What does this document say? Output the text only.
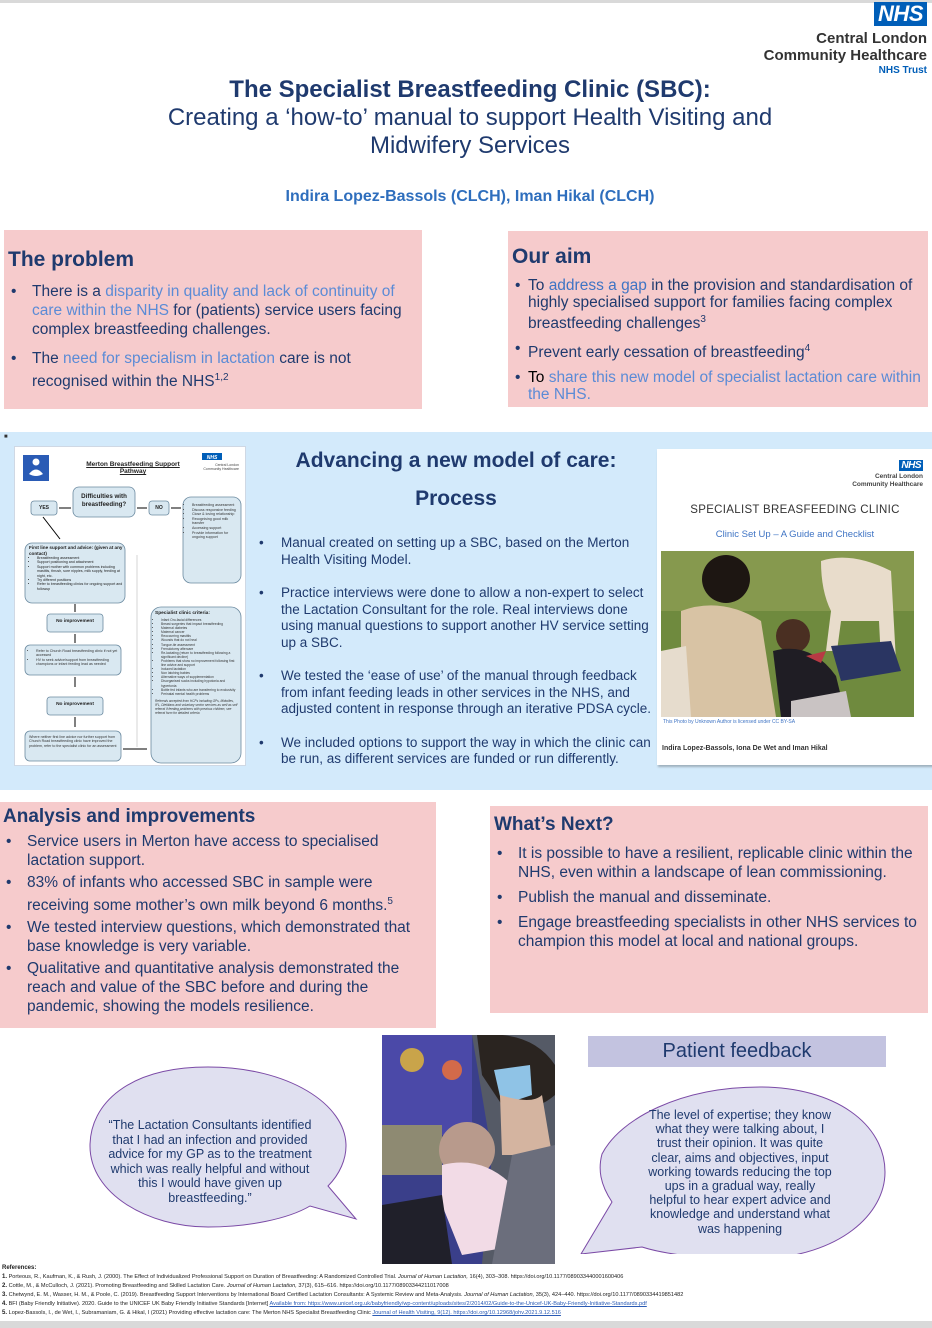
NHS
Central London
Community Healthcare
NHS Trust
The Specialist Breastfeeding Clinic (SBC):
Creating a ‘how-to’ manual to support Health Visiting and
Midwifery Services
Indira Lopez-Bassols (CLCH), Iman Hikal (CLCH)
The problem
• There is a disparity in quality and lack of continuity of care within the NHS for (patients) service users facing complex breastfeeding challenges.
• The need for specialism in lactation care is not recognised within the NHS$^{1,2}$
Our aim
• To address a gap in the provision and standardisation of highly specialised support for families facing complex breastfeeding challenges$^3$
• Prevent early cessation of breastfeeding$^4$
• To share this new model of specialist lactation care within the NHS.
■
NHS
Central London
Community Healthcare
Merton Breastfeeding Support Pathway
Difficulties with breastfeeding?
YES	NO	• Breastfeeding assessment
• Discuss responsive feeding
• Close & loving relationship
• Recognising good milk transfer
• Accessing support
• Provide information for ongoing support
First line support and advice: (given at any contact)
• Breastfeeding assessment
• Support positioning and attachment
• Support mother with common problems including mastitis, thrush, sore nipples, milk supply, feeding at night, etc.
• Try different positions
• Refer to breastfeeding clinics for ongoing support and followup
No improvement
• Refer to Church Road breastfeeding clinic if not yet accessed
• HV to seek advice/support from breastfeeding champions or infant feeding lead as needed
No improvement
Where neither first line advice nor further support from Church Road breastfeeding clinic have improved the problem, refer to the specialist clinic for an assessment
Specialist clinic criteria:
• Infant Oro-facial differences
• Breast surgeries that impact breastfeeding
• Maternal diabetes
• Maternal cancer
• Reoccurring mastitis
• Wounds that do not heal
• Tongue-tie assessment
• Frenulotomy aftercare
• Re-lactating (return to breastfeeding following a significant decline)
• Problems that show no improvement following first line advice and support
• Induced lactation
• Non latching babies
• Alternative ways of supplementation
• Disorganised sucks including hypotonia and hypertonia
• Bottle fed infants who are transferring to exclusivity
• Perinatal mental health problems
Referrals accepted from HCPs including GPs, Midwifes, IFL, Dietitians and voluntary sector services as well as self referral if feeding problems with previous children, see referral form for detailed criteria
Advancing a new model of care:
Process
• Manual created on setting up a SBC, based on the Merton Health Visiting Model.
• Practice interviews were done to allow a non-expert to select the Lactation Consultant for the role. Real interviews done using manual questions to support another HV service setting up a SBC.
• We tested the ‘ease of use’ of the manual through feedback from infant feeding leads in other services in the NHS, and adjusted content in response through an iterative PDSA cycle.
• We included options to support the way in which the clinic can be run, as different services are funded or run differently.
NHS
Central London
Community Healthcare
SPECIALIST BREASFEEDING CLINIC
Clinic Set Up – A Guide and Checklist
This Photo by Unknown Author is licensed under CC BY-SA
Indira Lopez-Bassols, Iona De Wet and Iman Hikal
Analysis and improvements
• Service users in Merton have access to specialised lactation support.
• 83% of infants who accessed SBC in sample were receiving some mother’s own milk beyond 6 months.$^5$
• We tested interview questions, which demonstrated that base knowledge is very variable.
• Qualitative and quantitative analysis demonstrated the reach and value of the SBC before and during the pandemic, showing the models resilience.
What’s Next?
• It is possible to have a resilient, replicable clinic within the NHS, even within a landscape of lean commissioning.
• Publish the manual and disseminate.
• Engage breastfeeding specialists in other NHS services to champion this model at local and national groups.
Patient feedback
“The Lactation Consultants identified that I had an infection and provided advice for my GP as to the treatment which was really helpful and without this I would have given up breastfeeding.”
The level of expertise; they know what they were talking about, I trust their opinion. It was quite clear, aims and objectives, input working towards reducing the top ups in a gradual way, really helpful to hear expert advice and knowledge and understand what was happening
References:
1. Porteous, R., Kaufman, K., & Rush, J. (2000). The Effect of Individualized Professional Support on Duration of Breastfeeding: A Randomized Controlled Trial. Journal of Human Lactation, 16(4), 303–308. https://doi.org/10.1177/089033440001600406
2. Cottle, M., & McCulloch, J. (2021). Promoting Breastfeeding and Skilled Lactation Care. Journal of Human Lactation, 37(3), 615–616. https://doi.org/10.1177/08903344211017008
3. Chetwynd, E. M., Wasser, H. M., & Poole, C. (2019). Breastfeeding Support Interventions by International Board Certified Lactation Consultants: A Systemic Review and Meta-Analysis. Journal of Human Lactation, 35(3), 424–440. https://doi.org/10.1177/0890334419851482
4. BFI (Baby Friendly Initiative). 2020. Guide to the UNICEF UK Baby Friendly Initiative Standards [Internet] Available from: https://www.unicef.org.uk/babyfriendly/wp-content/uploads/sites/2/2014/02/Guide-to-the-Unicef-UK-Baby-Friendly-Initiative-Standards.pdf
5. Lopez-Bassols, I., de Wet, I., Subramaniam, G. & Hikal, I (2021) Providing effective lactation care: The Merton NHS Specialist Breastfeeding Clinic Journal of Health Visiting, 9(12). https://doi.org/10.12968/johv.2021.9.12.516
